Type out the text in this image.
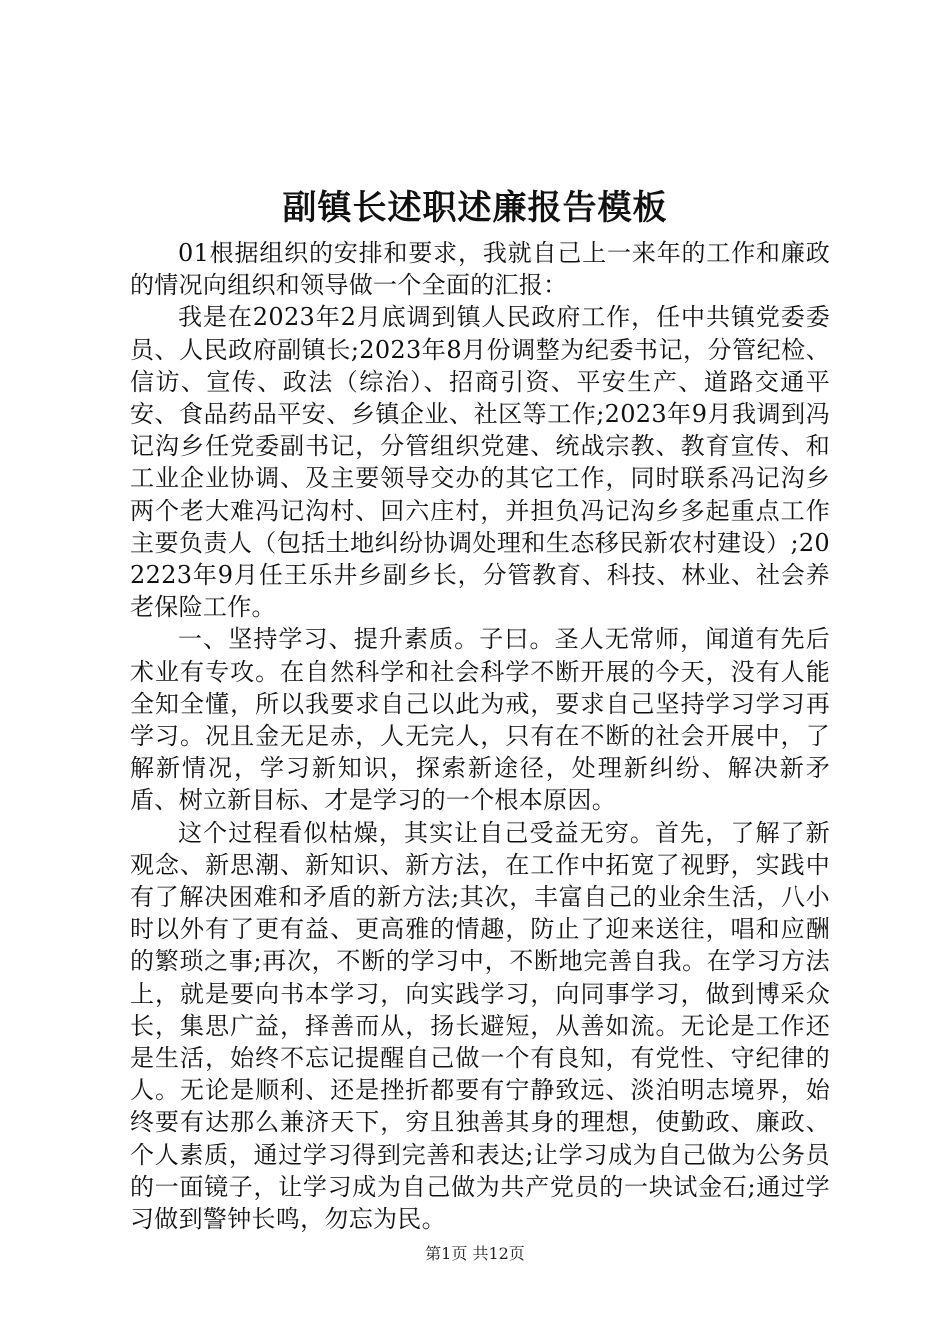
副镇长述职述廉报告模板

01根据组织的安排和要求，我就自己上一来年的工作和廉政的情况向组织和领导做一个全面的汇报：

我是在2023年2月底调到镇人民政府工作，任中共镇党委委员、人民政府副镇长;2023年8月份调整为纪委书记，分管纪检、信访、宣传、政法（综治）、招商引资、平安生产、道路交通平安、食品药品平安、乡镇企业、社区等工作;2023年9月我调到冯记沟乡任党委副书记，分管组织党建、统战宗教、教育宣传、和工业企业协调、及主要领导交办的其它工作，同时联系冯记沟乡两个老大难冯记沟村、回六庄村，并担负冯记沟乡多起重点工作主要负责人（包括土地纠纷协调处理和生态移民新农村建设）;202223年9月任王乐井乡副乡长，分管教育、科技、林业、社会养老保险工作。

一、坚持学习、提升素质。子曰。圣人无常师，闻道有先后术业有专攻。在自然科学和社会科学不断开展的今天，没有人能全知全懂，所以我要求自己以此为戒，要求自己坚持学习学习再学习。况且金无足赤，人无完人，只有在不断的社会开展中，了解新情况，学习新知识，探索新途径，处理新纠纷、解决新矛盾、树立新目标、才是学习的一个根本原因。

这个过程看似枯燥，其实让自己受益无穷。首先，了解了新观念、新思潮、新知识、新方法，在工作中拓宽了视野，实践中有了解决困难和矛盾的新方法;其次，丰富自己的业余生活，八小时以外有了更有益、更高雅的情趣，防止了迎来送往，唱和应酬的繁琐之事;再次，不断的学习中，不断地完善自我。在学习方法上，就是要向书本学习，向实践学习，向同事学习，做到博采众长，集思广益，择善而从，扬长避短，从善如流。无论是工作还是生活，始终不忘记提醒自己做一个有良知，有党性、守纪律的人。无论是顺利、还是挫折都要有宁静致远、淡泊明志境界，始终要有达那么兼济天下，穷且独善其身的理想，使勤政、廉政、个人素质，通过学习得到完善和表达;让学习成为自己做为公务员的一面镜子，让学习成为自己做为共产党员的一块试金石;通过学习做到警钟长鸣，勿忘为民。

第1页 共12页
